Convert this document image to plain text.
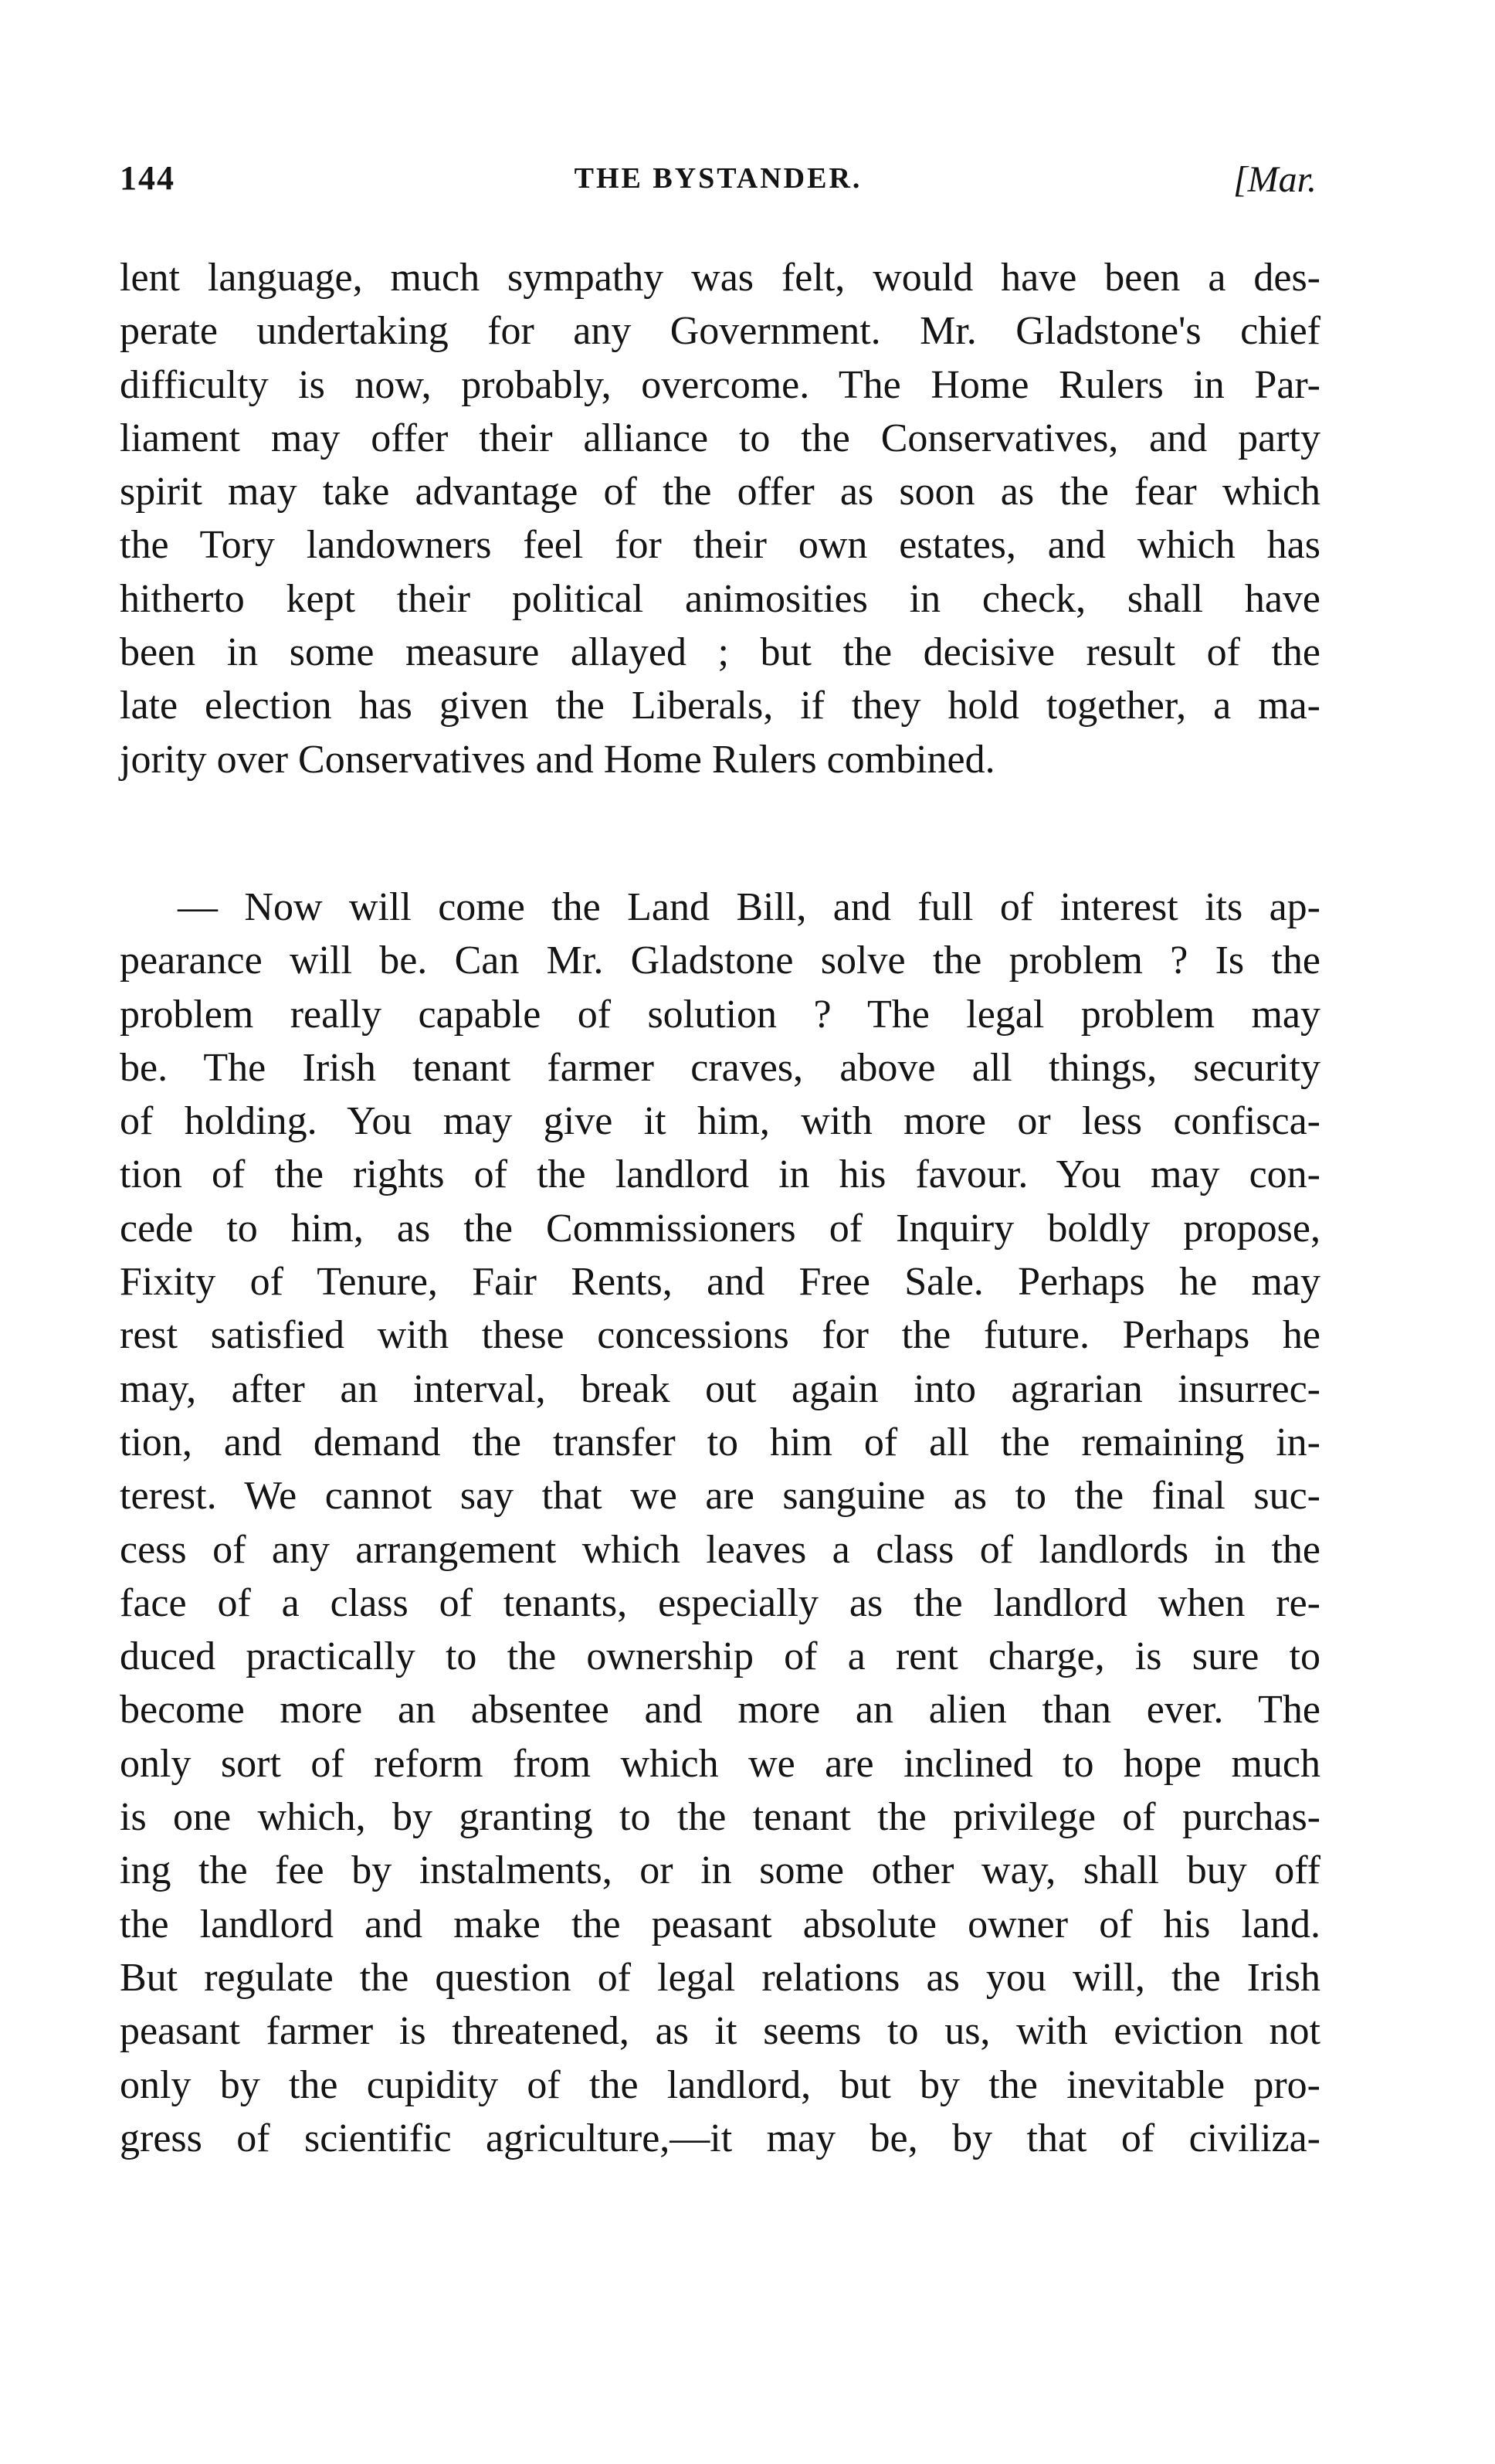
144	THE BYSTANDER.	[Mar.
lent language, much sympathy was felt, would have been a des-
perate undertaking for any Government. Mr. Gladstone's chief
difficulty is now, probably, overcome. The Home Rulers in Par-
liament may offer their alliance to the Conservatives, and party
spirit may take advantage of the offer as soon as the fear which
the Tory landowners feel for their own estates, and which has
hitherto kept their political animosities in check, shall have
been in some measure allayed ; but the decisive result of the
late election has given the Liberals, if they hold together, a ma-
jority over Conservatives and Home Rulers combined.
— Now will come the Land Bill, and full of interest its ap-
pearance will be. Can Mr. Gladstone solve the problem ? Is the
problem really capable of solution ? The legal problem may
be. The Irish tenant farmer craves, above all things, security
of holding. You may give it him, with more or less confisca-
tion of the rights of the landlord in his favour. You may con-
cede to him, as the Commissioners of Inquiry boldly propose,
Fixity of Tenure, Fair Rents, and Free Sale. Perhaps he may
rest satisfied with these concessions for the future. Perhaps he
may, after an interval, break out again into agrarian insurrec-
tion, and demand the transfer to him of all the remaining in-
terest. We cannot say that we are sanguine as to the final suc-
cess of any arrangement which leaves a class of landlords in the
face of a class of tenants, especially as the landlord when re-
duced practically to the ownership of a rent charge, is sure to
become more an absentee and more an alien than ever. The
only sort of reform from which we are inclined to hope much
is one which, by granting to the tenant the privilege of purchas-
ing the fee by instalments, or in some other way, shall buy off
the landlord and make the peasant absolute owner of his land.
But regulate the question of legal relations as you will, the Irish
peasant farmer is threatened, as it seems to us, with eviction not
only by the cupidity of the landlord, but by the inevitable pro-
gress of scientific agriculture,—it may be, by that of civiliza-
